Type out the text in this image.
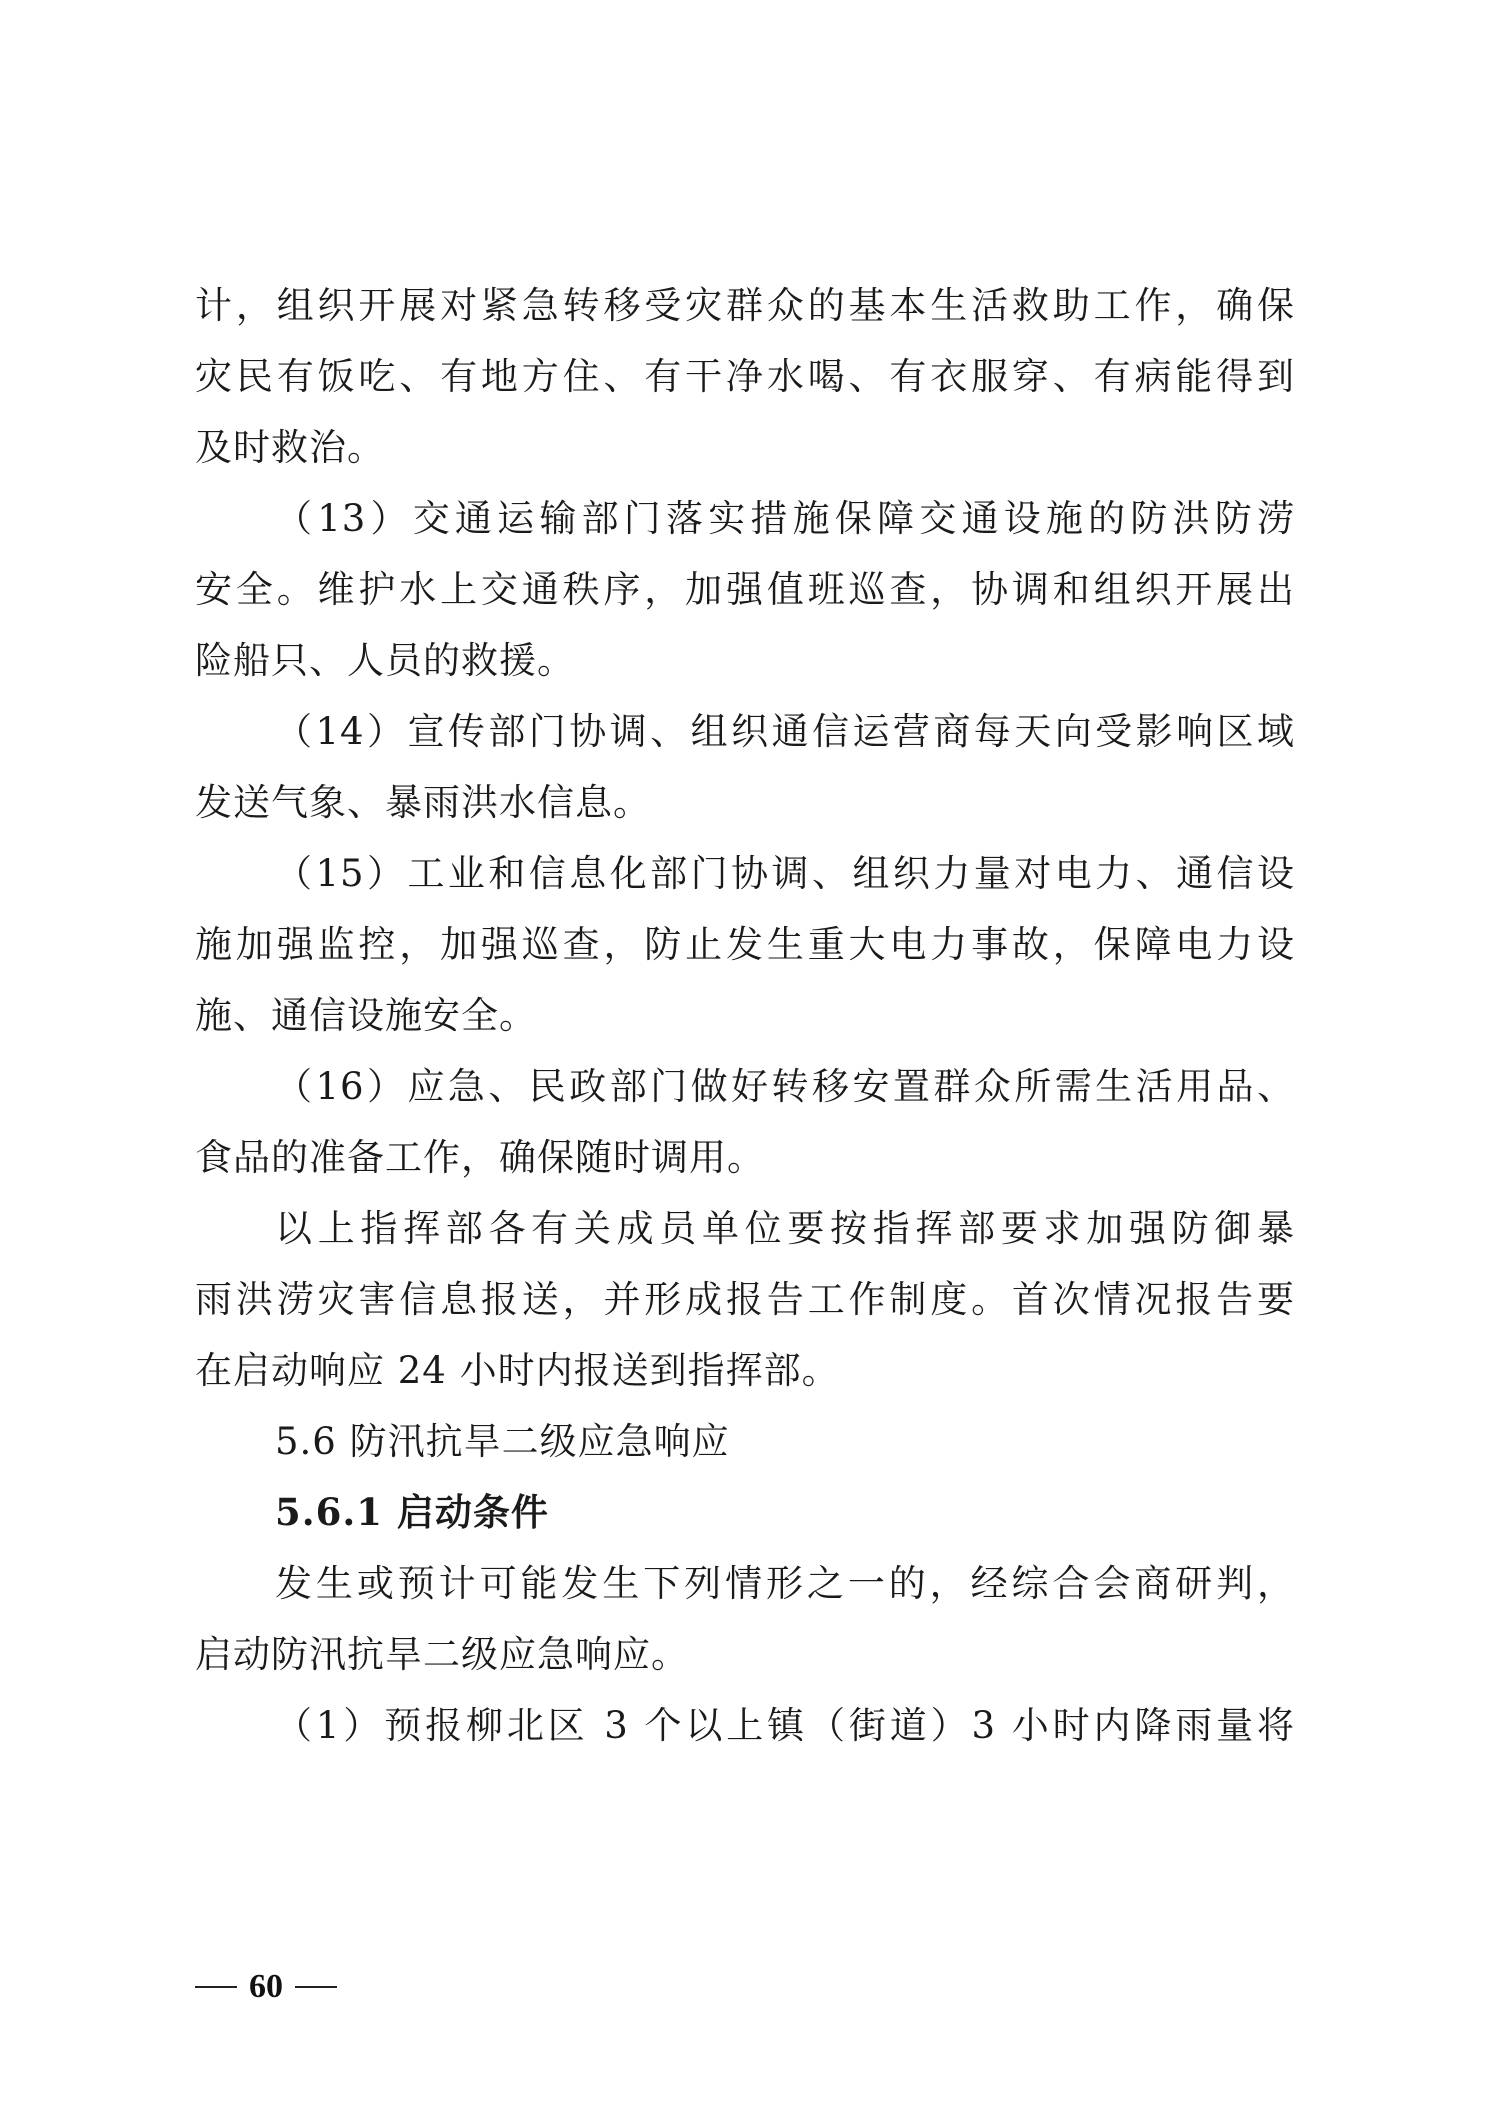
计，组织开展对紧急转移受灾群众的基本生活救助工作，确保
灾民有饭吃、有地方住、有干净水喝、有衣服穿、有病能得到
及时救治。
（13）交通运输部门落实措施保障交通设施的防洪防涝
安全。维护水上交通秩序，加强值班巡查，协调和组织开展出
险船只、人员的救援。
（14）宣传部门协调、组织通信运营商每天向受影响区域
发送气象、暴雨洪水信息。
（15）工业和信息化部门协调、组织力量对电力、通信设
施加强监控，加强巡查，防止发生重大电力事故，保障电力设
施、通信设施安全。
（16）应急、民政部门做好转移安置群众所需生活用品、
食品的准备工作，确保随时调用。
以上指挥部各有关成员单位要按指挥部要求加强防御暴
雨洪涝灾害信息报送，并形成报告工作制度。首次情况报告要
在启动响应 24 小时内报送到指挥部。
5.6 防汛抗旱二级应急响应
5.6.1 启动条件
发生或预计可能发生下列情形之一的，经综合会商研判，
启动防汛抗旱二级应急响应。
（1）预报柳北区 3 个以上镇（街道）3 小时内降雨量将
60
